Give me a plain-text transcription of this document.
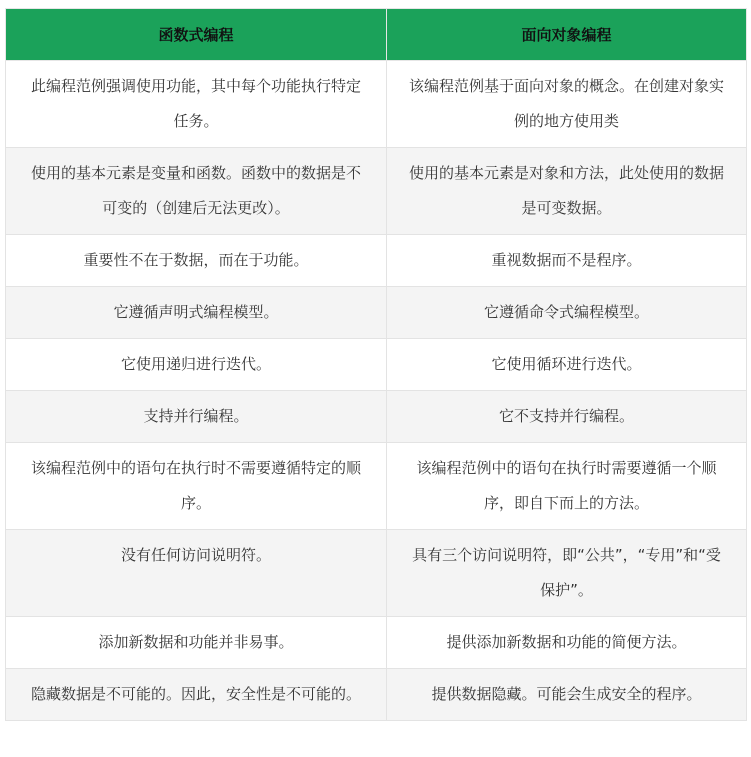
函数式编程	面向对象编程
此编程范例强调使用功能，其中每个功能执行特定任务。	该编程范例基于面向对象的概念。在创建对象实例的地方使用类
使用的基本元素是变量和函数。函数中的数据是不可变的（创建后无法更改）。	使用的基本元素是对象和方法，此处使用的数据是可变数据。
重要性不在于数据，而在于功能。	重视数据而不是程序。
它遵循声明式编程模型。	它遵循命令式编程模型。
它使用递归进行迭代。	它使用循环进行迭代。
支持并行编程。	它不支持并行编程。
该编程范例中的语句在执行时不需要遵循特定的顺序。	该编程范例中的语句在执行时需要遵循一个顺序，即自下而上的方法。
没有任何访问说明符。	具有三个访问说明符，即“公共”，“专用”和“受保护”。
添加新数据和功能并非易事。	提供添加新数据和功能的简便方法。
隐藏数据是不可能的。因此，安全性是不可能的。	提供数据隐藏。可能会生成安全的程序。
